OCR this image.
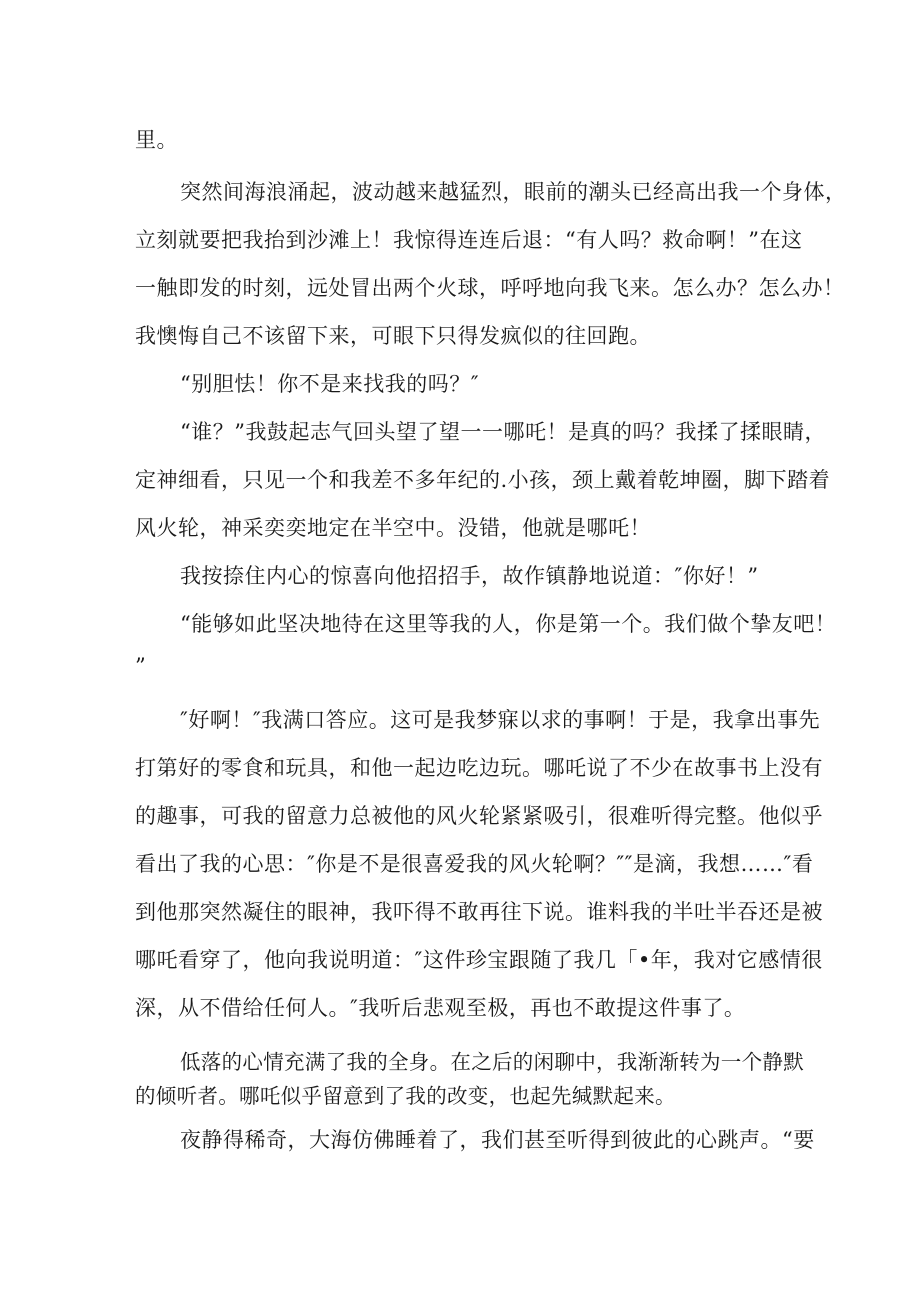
里。
突然间海浪涌起，波动越来越猛烈，眼前的潮头已经高出我一个身体，
立刻就要把我抬到沙滩上！我惊得连连后退：“有人吗？救命啊！”在这
一触即发的时刻，远处冒出两个火球，呼呼地向我飞来。怎么办？怎么办！
我懊悔自己不该留下来，可眼下只得发疯似的往回跑。
“别胆怯！你不是来找我的吗？″
“谁？”我鼓起志气回头望了望一一哪吒！是真的吗？我揉了揉眼睛，
定神细看，只见一个和我差不多年纪的.小孩，颈上戴着乾坤圈，脚下踏着
风火轮，神采奕奕地定在半空中。没错，他就是哪吒！
我按捺住内心的惊喜向他招招手，故作镇静地说道：″你好！”
“能够如此坚决地待在这里等我的人，你是第一个。我们做个挚友吧！
”
″好啊！″我满口答应。这可是我梦寐以求的事啊！于是，我拿出事先
打第好的零食和玩具，和他一起边吃边玩。哪吒说了不少在故事书上没有
的趣事，可我的留意力总被他的风火轮紧紧吸引，很难听得完整。他似乎
看出了我的心思：″你是不是很喜爱我的风火轮啊？″″是滴，我想……″看
到他那突然凝住的眼神，我吓得不敢再往下说。谁料我的半吐半吞还是被
哪吒看穿了，他向我说明道：″这件珍宝跟随了我几「•年，我对它感情很
深，从不借给任何人。″我听后悲观至极，再也不敢提这件事了。
低落的心情充满了我的全身。在之后的闲聊中，我渐渐转为一个静默
的倾听者。哪吒似乎留意到了我的改变，也起先缄默起来。
夜静得稀奇，大海仿佛睡着了，我们甚至听得到彼此的心跳声。“要
